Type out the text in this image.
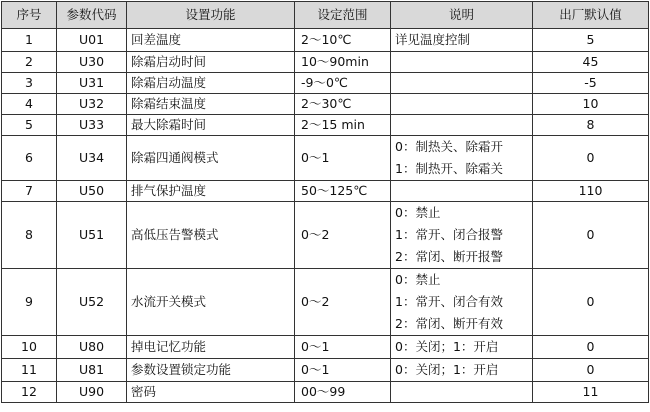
序号	参数代码	设置功能	设定范围	说明	出厂默认值
1	U01	回差温度	2～10℃	详见温度控制	5
2	U30	除霜启动时间	10～90min		45
3	U31	除霜启动温度	-9～0℃		-5
4	U32	除霜结束温度	2～30℃		10
5	U33	最大除霜时间	2～15 min		8
6	U34	除霜四通阀模式	0～1	0：制热关、除霜开
1：制热开、除霜关	0
7	U50	排气保护温度	50～125℃		110
8	U51	高低压告警模式	0～2	0：禁止
1：常开、闭合报警
2：常闭、断开报警	0
9	U52	水流开关模式	0～2	0：禁止
1：常开、闭合有效
2：常闭、断开有效	0
10	U80	掉电记忆功能	0～1	0：关闭；1：开启	0
11	U81	参数设置锁定功能	0～1	0：关闭；1：开启	0
12	U90	密码	00～99		11
